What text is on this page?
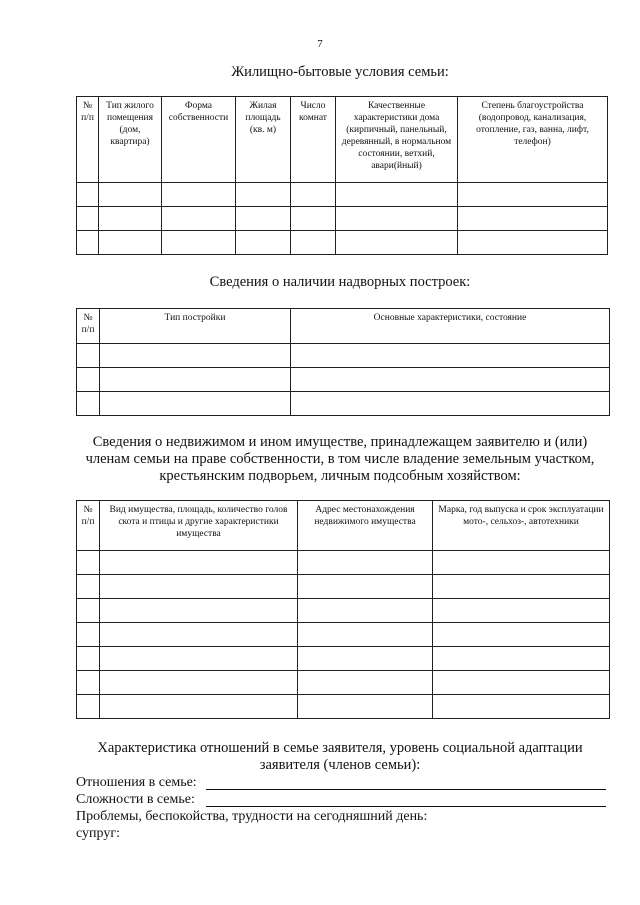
7
Жилищно-бытовые условия семьи:
№ п/п	Тип жилого помещения (дом, квартира)	Форма собственности	Жилая площадь (кв. м)	Число комнат	Качественные характеристики дома (кирпичный, панельный, деревянный, в нормальном состоянии, ветхий, авари(йный)	Степень благоустройства (водопровод, канализация, отопление, газ, ванна, лифт, телефон)

Сведения о наличии надворных построек:
№ п/п	Тип постройки	Основные характеристики, состояние

Сведения о недвижимом и ином имуществе, принадлежащем заявителю и (или)
членам семьи на праве собственности, в том числе владение земельным участком,
крестьянским подворьем, личным подсобным хозяйством:
№ п/п	Вид имущества, площадь, количество голов скота и птицы и другие характеристики имущества	Адрес местонахождения недвижимого имущества	Марка, год выпуска и срок эксплуатации мото-, сельхоз-, автотехники

Характеристика отношений в семье заявителя, уровень социальной адаптации
заявителя (членов семьи):
Отношения в семье:
Сложности в семье:
Проблемы, беспокойства, трудности на сегодняшний день:
супруг:
